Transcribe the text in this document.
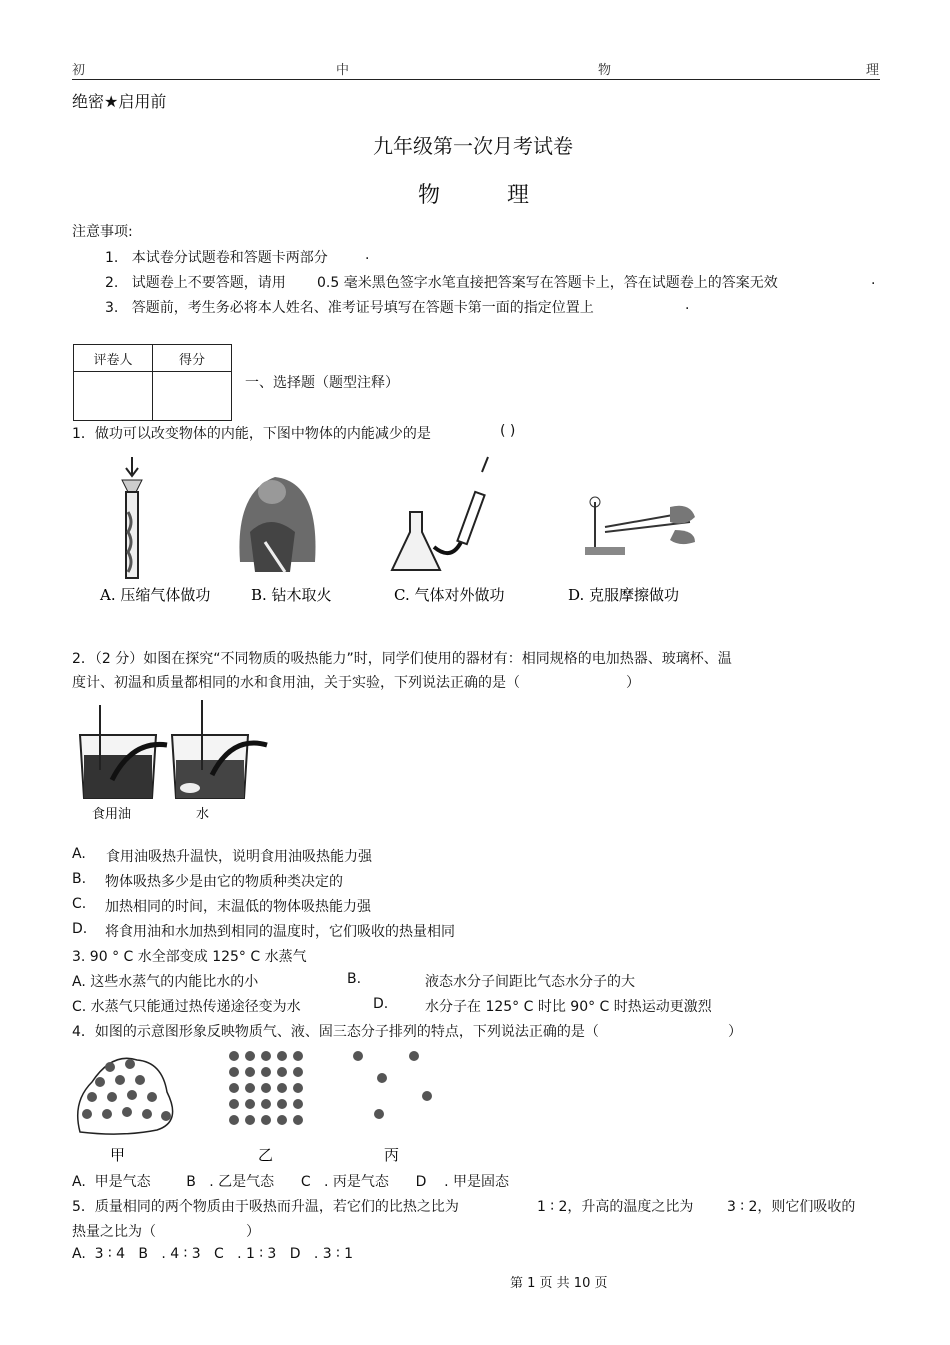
初	中	物	理
绝密★启用前
九年级第一次月考试卷
物	理
注意事项:
1. 本试卷分试题卷和答题卡两部分	.
2. 试题卷上不要答题，请用 0.5 毫米黑色签字水笔直接把答案写在答题卡上，答在试题卷上的答案无效	.
3. 答题前，考生务必将本人姓名、准考证号填写在答题卡第一面的指定位置上	.
评卷人	得分

一、选择题（题型注释）
1．做功可以改变物体的内能，下图中物体的内能减少的是	( )
A. 压缩气体做功	B. 钻木取火	C. 气体对外做功	D. 克服摩擦做功
2．（2 分）如图在探究“不同物质的吸热能力”时，同学们使用的器材有：相同规格的电加热器、玻璃杯、温
度计、初温和质量都相同的水和食用油，关于实验，下列说法正确的是（	）
食用油	水
A. 食用油吸热升温快，说明食用油吸热能力强
B. 物体吸热多少是由它的物质种类决定的
C. 加热相同的时间，末温低的物体吸热能力强
D. 将食用油和水加热到相同的温度时，它们吸收的热量相同
3. 90 ° C 水全部变成 125° C 水蒸气
A. 这些水蒸气的内能比水的小	B.	液态水分子间距比气态水分子的大
C. 水蒸气只能通过热传递途径变为水	D.	水分子在 125° C 时比 90° C 时热运动更激烈
4．如图的示意图形象反映物质气、液、固三态分子排列的特点，下列说法正确的是（	）
甲	乙	丙
A.  甲是气态        B   . 乙是气态      C   . 丙是气态      D    . 甲是固态
5．质量相同的两个物质由于吸热而升温，若它们的比热之比为	1 ∶ 2，升高的温度之比为 3 ∶ 2，则它们吸收的
热量之比为（	）
A.  3 ∶ 4   B   . 4 ∶ 3   C   . 1 ∶ 3   D   . 3 ∶ 1
第 1 页 共 10 页
